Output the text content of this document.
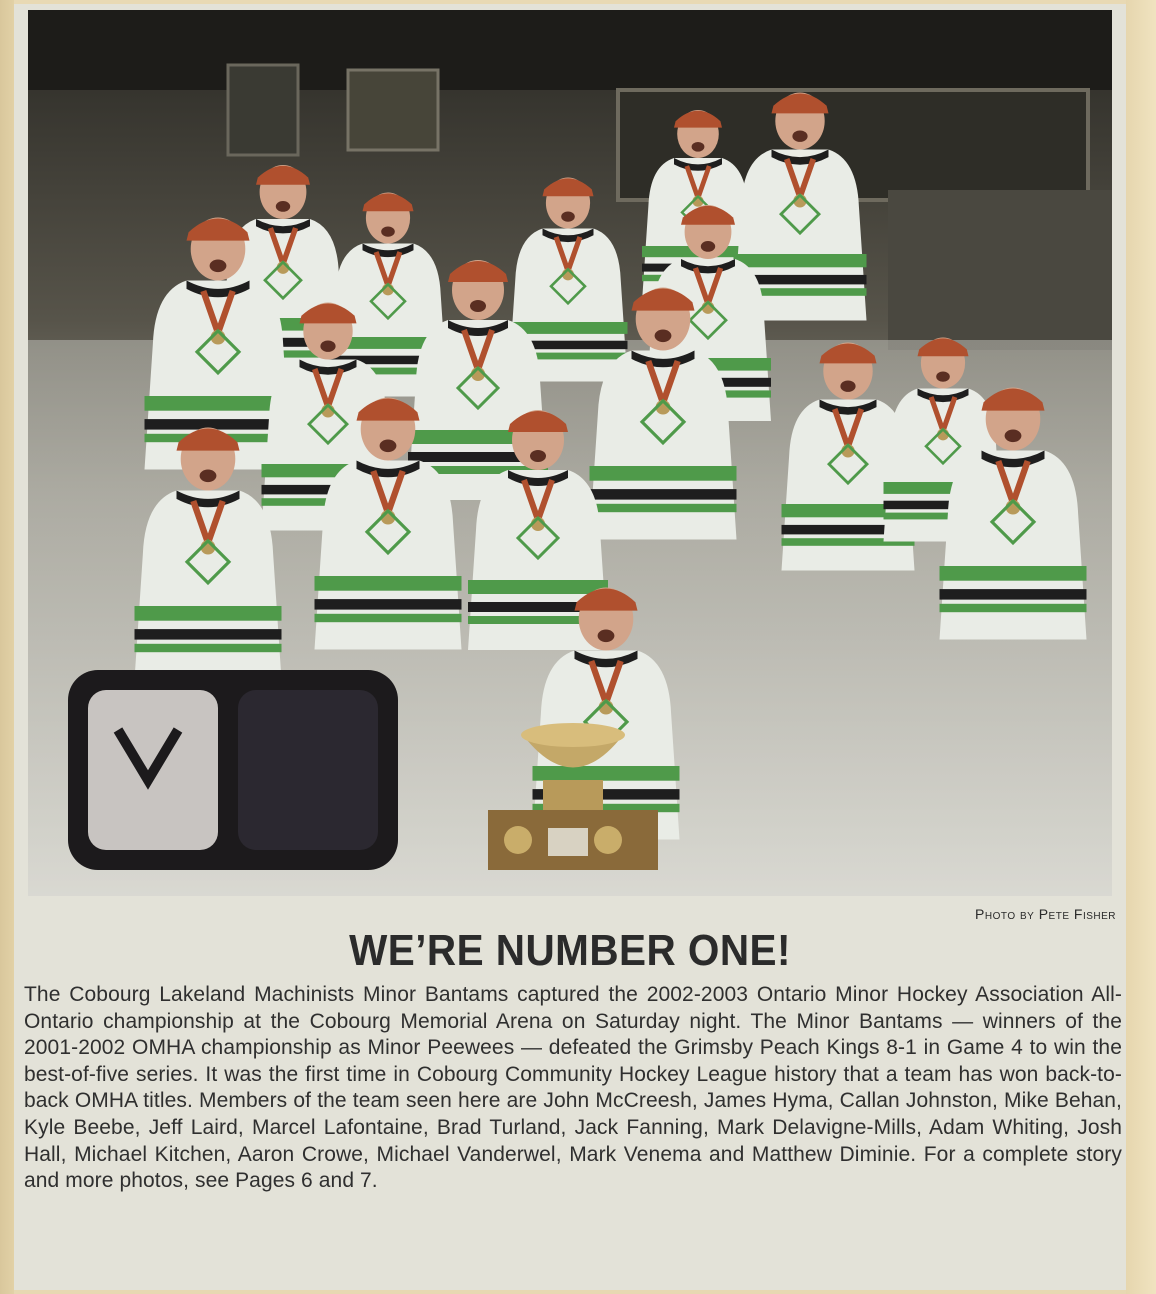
Photo by Pete Fisher
WE’RE NUMBER ONE!
The Cobourg Lakeland Machinists Minor Bantams captured the 2002-2003 Ontario Minor Hockey Association All-Ontario championship at the Cobourg Memorial Arena on Saturday night. The Minor Bantams — winners of the 2001-2002 OMHA championship as Minor Peewees — defeated the Grimsby Peach Kings 8-1 in Game 4 to win the best-of-five series. It was the first time in Cobourg Community Hockey League history that a team has won back-to-back OMHA titles. Members of the team seen here are John McCreesh, James Hyma, Callan Johnston, Mike Behan, Kyle Beebe, Jeff Laird, Marcel Lafontaine, Brad Turland, Jack Fanning, Mark Delavigne-Mills, Adam Whiting, Josh Hall, Michael Kitchen, Aaron Crowe, Michael Vanderwel, Mark Venema and Matthew Diminie. For a complete story and more photos, see Pages 6 and 7.
